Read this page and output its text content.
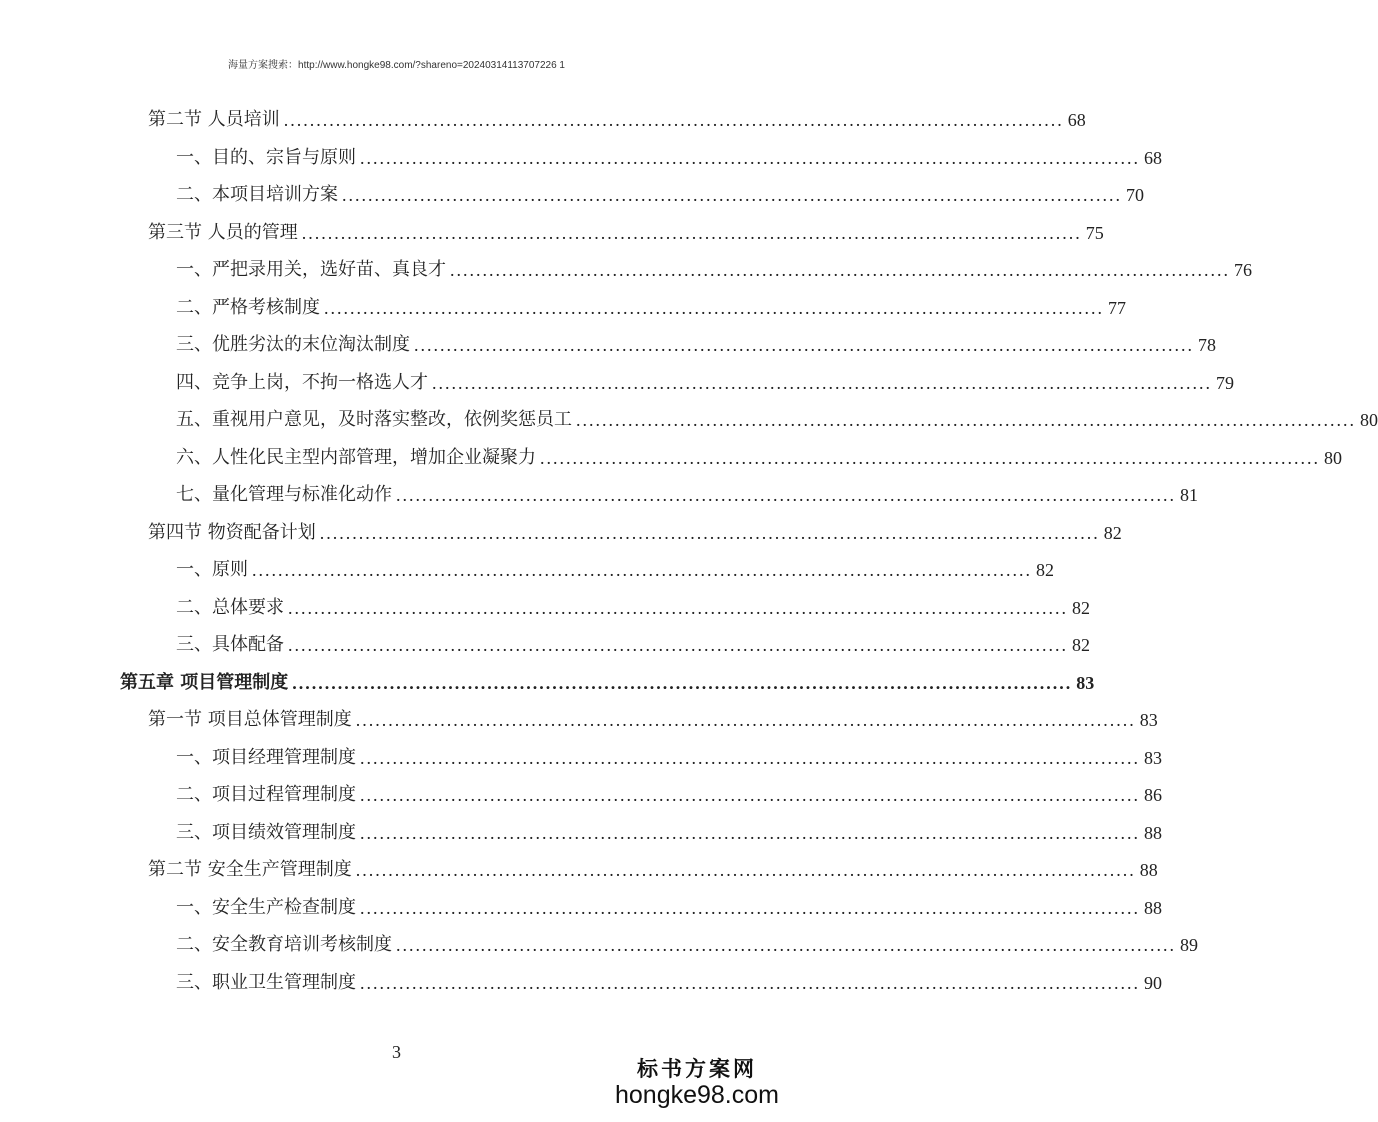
海量方案搜索：http://www.hongke98.com/?shareno=20240314113707226 1
第二节 人员培训 ........................................................................................................................ 68
一、目的、宗旨与原则 ........................................................................................................................ 68
二、本项目培训方案 ........................................................................................................................ 70
第三节 人员的管理 ........................................................................................................................ 75
一、严把录用关，选好苗、真良才 ........................................................................................................................ 76
二、严格考核制度 ........................................................................................................................ 77
三、优胜劣汰的末位淘汰制度 ........................................................................................................................ 78
四、竞争上岗，不拘一格选人才 ........................................................................................................................ 79
五、重视用户意见，及时落实整改，依例奖惩员工 ........................................................................................................................ 80
六、人性化民主型内部管理，增加企业凝聚力 ........................................................................................................................ 80
七、量化管理与标准化动作 ........................................................................................................................ 81
第四节 物资配备计划 ........................................................................................................................ 82
一、原则 ........................................................................................................................ 82
二、总体要求 ........................................................................................................................ 82
三、具体配备 ........................................................................................................................ 82
第五章 项目管理制度 ........................................................................................................................ 83
第一节 项目总体管理制度 ........................................................................................................................ 83
一、项目经理管理制度 ........................................................................................................................ 83
二、项目过程管理制度 ........................................................................................................................ 86
三、项目绩效管理制度 ........................................................................................................................ 88
第二节 安全生产管理制度 ........................................................................................................................ 88
一、安全生产检查制度 ........................................................................................................................ 88
二、安全教育培训考核制度 ........................................................................................................................ 89
三、职业卫生管理制度 ........................................................................................................................ 90
3
标书方案网
hongke98.com
